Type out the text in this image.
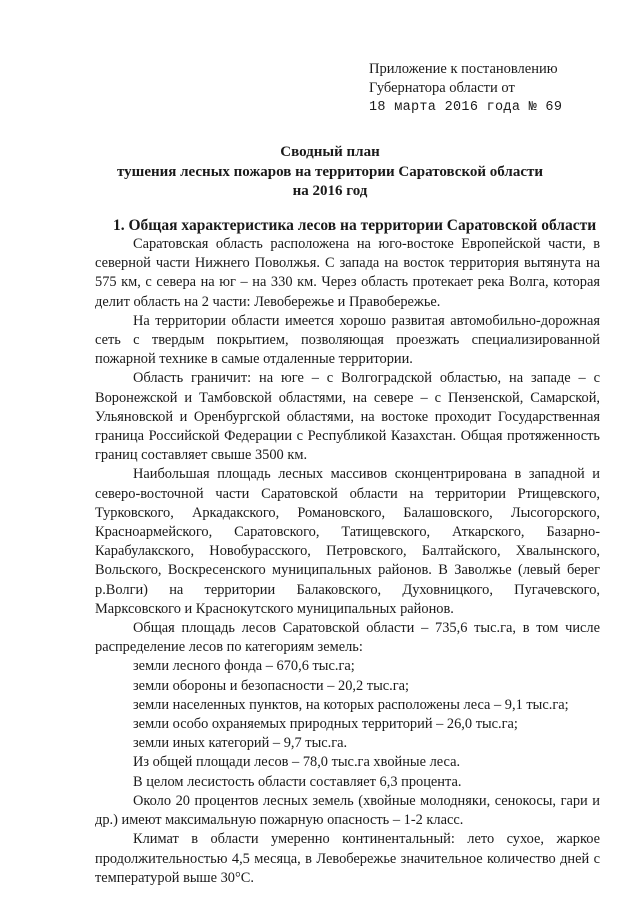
Приложение к постановлению
Губернатора области от
18 марта 2016 года № 69
Сводный план
тушения лесных пожаров на территории Саратовской области
на 2016 год
1. Общая характеристика лесов на территории Саратовской области

Саратовская область расположена на юго-востоке Европейской части, в северной части Нижнего Поволжья. С запада на восток территория вытянута на 575 км, с севера на юг – на 330 км. Через область протекает река Волга, которая делит область на 2 части: Левобережье и Правобережье.

На территории области имеется хорошо развитая автомобильно-дорожная сеть с твердым покрытием, позволяющая проезжать специализированной пожарной технике в самые отдаленные территории.

Область граничит: на юге – с Волгоградской областью, на западе – с Воронежской и Тамбовской областями, на севере – с Пензенской, Самарской, Ульяновской и Оренбургской областями, на востоке проходит Государственная граница Российской Федерации с Республикой Казахстан. Общая протяженность границ составляет свыше 3500 км.

Наибольшая площадь лесных массивов сконцентрирована в западной и северо-восточной части Саратовской области на территории Ртищевского, Турковского, Аркадакского, Романовского, Балашовского, Лысогорского, Красноармейского, Саратовского, Татищевского, Аткарского, Базарно-Карабулакского, Новобурасского, Петровского, Балтайского, Хвалынского, Вольского, Воскресенского муниципальных районов. В Заволжье (левый берег р.Волги) на территории Балаковского, Духовницкого, Пугачевского, Марксовского и Краснокутского муниципальных районов.

Общая площадь лесов Саратовской области – 735,6 тыс.га, в том числе распределение лесов по категориям земель:

земли лесного фонда – 670,6 тыс.га;

земли обороны и безопасности – 20,2 тыс.га;

земли населенных пунктов, на которых расположены леса – 9,1 тыс.га;

земли особо охраняемых природных территорий – 26,0 тыс.га;

земли иных категорий – 9,7 тыс.га.

Из общей площади лесов – 78,0 тыс.га хвойные леса.

В целом лесистость области составляет 6,3 процента.

Около 20 процентов лесных земель (хвойные молодняки, сенокосы, гари и др.) имеют максимальную пожарную опасность – 1-2 класс.

Климат в области умеренно континентальный: лето сухое, жаркое продолжительностью 4,5 месяца, в Левобережье значительное количество дней с температурой выше 30°С.
